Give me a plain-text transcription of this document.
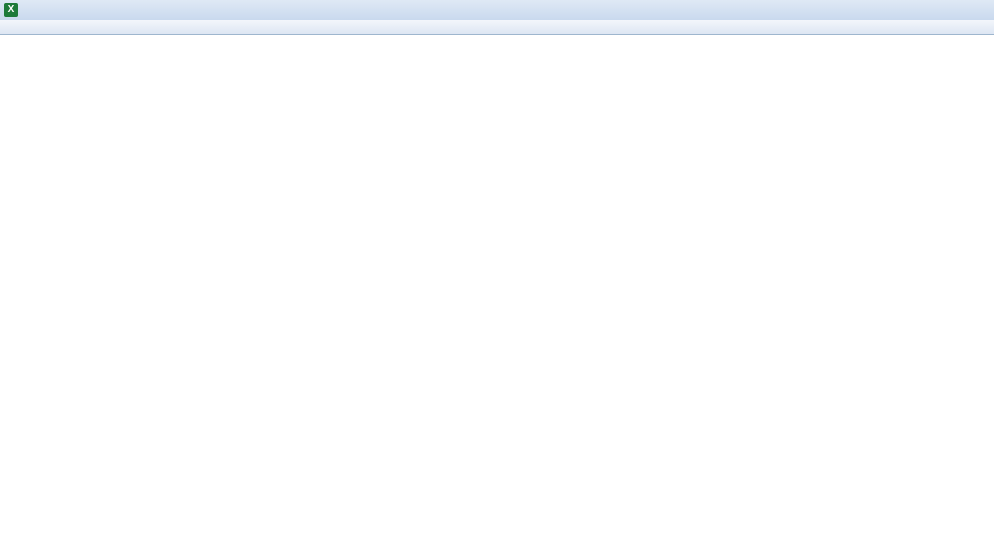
X
